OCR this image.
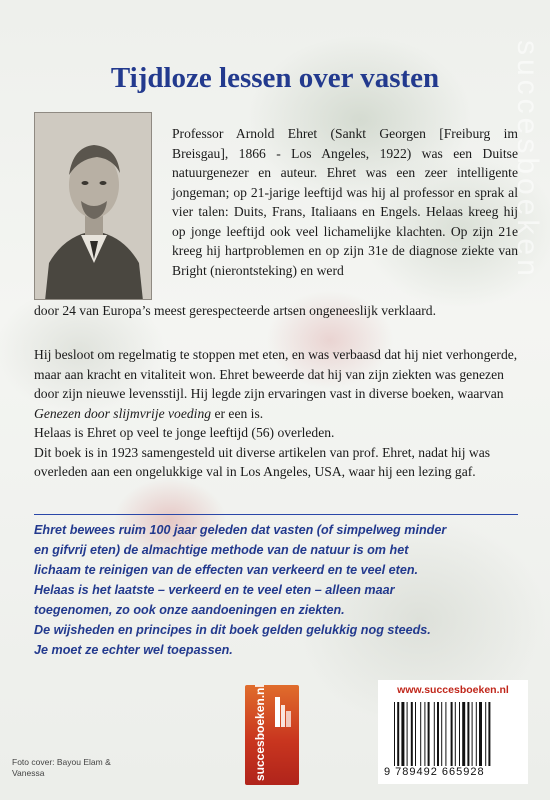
succesboeken
Tijdloze lessen over vasten

Professor Arnold Ehret (Sankt Georgen [Freiburg im Breisgau], 1866 - Los Angeles, 1922) was een Duitse natuurgenezer en auteur. Ehret was een zeer intelligente jongeman; op 21-jarige leeftijd was hij al professor en sprak al vier talen: Duits, Frans, Italiaans en Engels. Helaas kreeg hij op jonge leeftijd ook veel lichamelijke klachten. Op zijn 21e kreeg hij hartproblemen en op zijn 31e de diagnose ziekte van Bright (nierontsteking) en werd

door 24 van Europa’s meest gerespecteerde artsen ongeneeslijk verklaard.

Hij besloot om regelmatig te stoppen met eten, en was verbaasd dat hij niet verhongerde, maar aan kracht en vitaliteit won. Ehret beweerde dat hij van zijn ziekten was genezen door zijn nieuwe levensstijl. Hij legde zijn ervaringen vast in diverse boeken, waarvan Genezen door slijmvrije voeding er een is.

Helaas is Ehret op veel te jonge leeftijd (56) overleden.

Dit boek is in 1923 samengesteld uit diverse artikelen van prof. Ehret, nadat hij was overleden aan een ongelukkige val in Los Angeles, USA, waar hij een lezing gaf.

Ehret bewees ruim 100 jaar geleden dat vasten (of simpelweg minder

en gifvrij eten) de almachtige methode van de natuur is om het

lichaam te reinigen van de effecten van verkeerd en te veel eten.

Helaas is het laatste – verkeerd en te veel eten – alleen maar

toegenomen, zo ook onze aandoeningen en ziekten.

De wijsheden en principes in dit boek gelden gelukkig nog steeds.

Je moet ze echter wel toepassen.

succesboeken.nl	www.succesboeken.nl
9 789492 665928
Foto cover: Bayou Elam & Vanessa
